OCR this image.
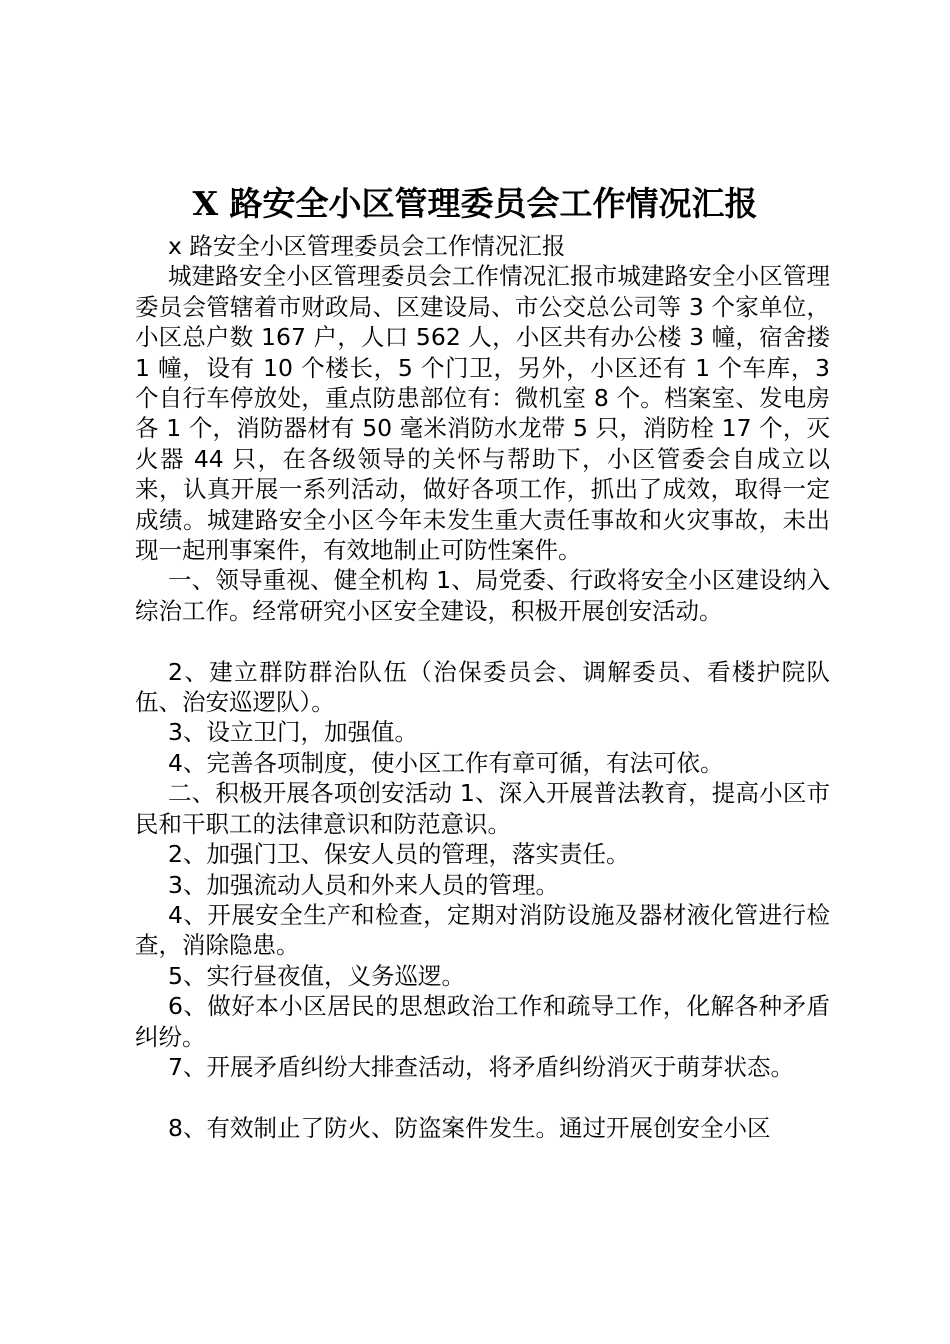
X 路安全小区管理委员会工作情况汇报

x 路安全小区管理委员会工作情况汇报

城建路安全小区管理委员会工作情况汇报市城建路安全小区管理委员会管辖着市财政局、区建设局、市公交总公司等 3 个家单位，小区总户数 167 户，人口 562 人，小区共有办公楼 3 幢，宿舍搂 1 幢，设有 10 个楼长，5 个门卫，另外，小区还有 1 个车库，3 个自行车停放处，重点防患部位有：微机室 8 个。档案室、发电房各 1 个，消防器材有 50 毫米消防水龙带 5 只，消防栓 17 个，灭火器 44 只，在各级领导的关怀与帮助下，小区管委会自成立以来，认真开展一系列活动，做好各项工作，抓出了成效，取得一定成绩。城建路安全小区今年未发生重大责任事故和火灾事故，未出现一起刑事案件，有效地制止可防性案件。

一、领导重视、健全机构 1、局党委、行政将安全小区建设纳入综治工作。经常研究小区安全建设，积极开展创安活动。

2、建立群防群治队伍（治保委员会、调解委员、看楼护院队伍、治安巡逻队）。

3、设立卫门，加强值。

4、完善各项制度，使小区工作有章可循，有法可依。

二、积极开展各项创安活动 1、深入开展普法教育，提高小区市民和干职工的法律意识和防范意识。

2、加强门卫、保安人员的管理，落实责任。

3、加强流动人员和外来人员的管理。

4、开展安全生产和检查，定期对消防设施及器材液化管进行检查，消除隐患。

5、实行昼夜值，义务巡逻。

6、做好本小区居民的思想政治工作和疏导工作，化解各种矛盾纠纷。

7、开展矛盾纠纷大排查活动，将矛盾纠纷消灭于萌芽状态。

8、有效制止了防火、防盗案件发生。通过开展创安全小区
